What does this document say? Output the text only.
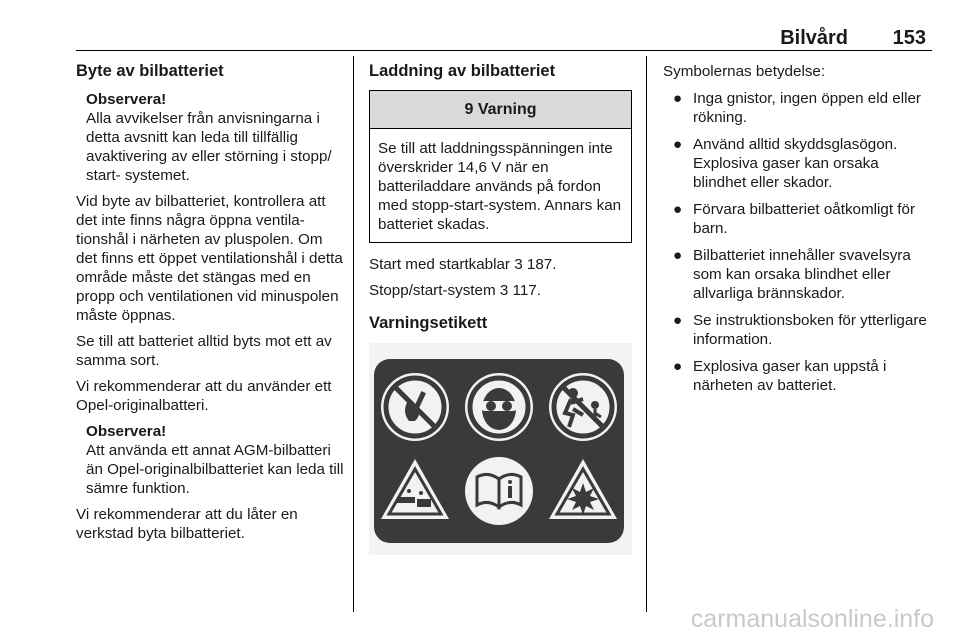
Bilvård 153
Byte av bilbatteriet
Observera!
Alla avvikelser från anvisningarna i detta avsnitt kan leda till tillfällig avaktivering av eller störning i stopp/ start- systemet.

Vid byte av bilbatteriet, kontrollera att det inte finns några öppna ventilationshål i närheten av pluspolen. Om det finns ett öppet ventilationshål i detta område måste det stängas med en propp och ventilationen vid minuspolen måste öppnas.

Se till att batteriet alltid byts mot ett av samma sort.

Vi rekommenderar att du använder ett Opel-originalbatteri.

Observera!
Att använda ett annat AGM-bilbatteri än Opel-originalbilbatteriet kan leda till sämre funktion.

Vi rekommenderar att du låter en verkstad byta bilbatteriet.

Laddning av bilbatteriet
9 Varning
Se till att laddningsspänningen inte överskrider 14,6 V när en batteriladdare används på fordon med stopp-start-system. Annars kan batteriet skadas.

Start med startkablar 3 187.

Stopp/start-system 3 117.

Varningsetikett

Symbolernas betydelse:

● Inga gnistor, ingen öppen eld eller rökning.
● Använd alltid skyddsglasögon. Explosiva gaser kan orsaka blindhet eller skador.
● Förvara bilbatteriet oåtkomligt för barn.
● Bilbatteriet innehåller svavelsyra som kan orsaka blindhet eller allvarliga brännskador.
● Se instruktionsboken för ytterligare information.
● Explosiva gaser kan uppstå i närheten av batteriet.
carmanualsonline.info
